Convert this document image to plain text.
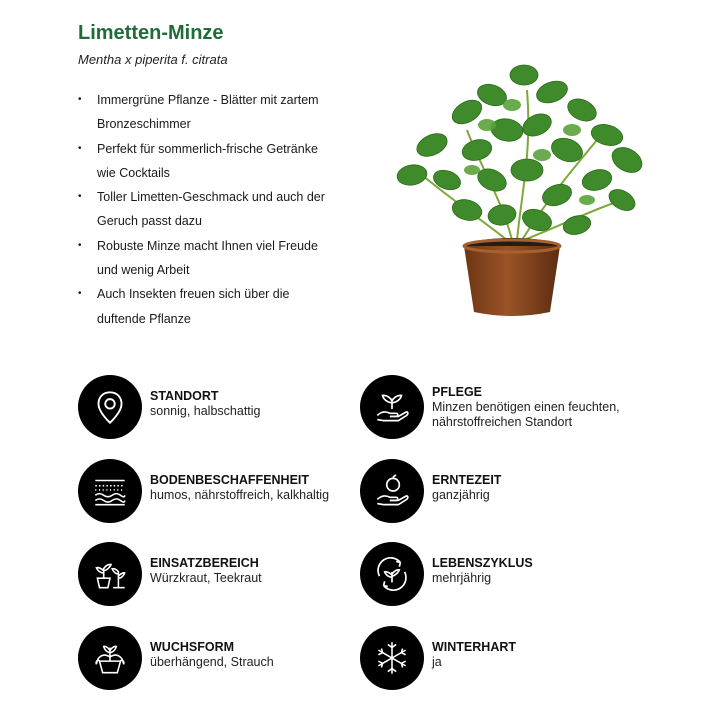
Limetten-Minze
Mentha x piperita f. citrata
• Immergrüne Pflanze - Blätter mit zartem
Bronzeschimmer
• Perfekt für sommerlich-frische Getränke
wie Cocktails
• Toller Limetten-Geschmack und auch der
Geruch passt dazu
• Robuste Minze macht Ihnen viel Freude
und wenig Arbeit
• Auch Insekten freuen sich über die
duftende Pflanze
STANDORT
sonnig, halbschattig
PFLEGE
Minzen benötigen einen feuchten,
nährstoffreichen Standort
BODENBESCHAFFENHEIT
humos, nährstoffreich, kalkhaltig
ERNTEZEIT
ganzjährig
EINSATZBEREICH
Würzkraut, Teekraut
LEBENSZYKLUS
mehrjährig
WUCHSFORM
überhängend, Strauch
WINTERHART
ja
